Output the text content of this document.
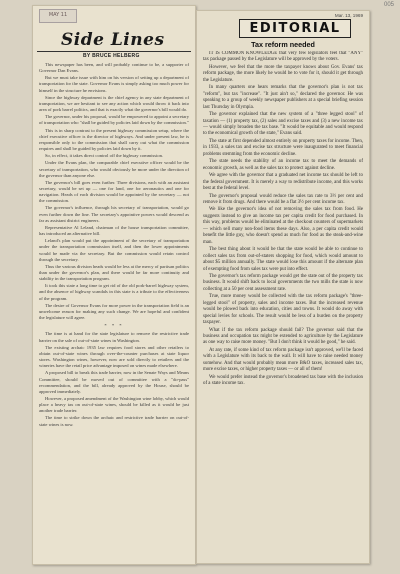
005
MAY 11
Side Lines
BY BRUCE HELBERG

This newspaper has been, and will probably continue to be, a supporter of Governor Dan Evans.

But we must take issue with him on his version of setting up a department of transportation for the state. Governor Evans is simply asking too much power for himself in the structure he envisions.

Since the highway department is the chief agency in any state department of transportation, we are hesitant to see any action which would throw it back into area of pork barrel politics, and that is exactly what the governor's bill would do.

The governor, under his proposal, would be empowered to appoint a secretary of transportation who "shall be guided by policies laid down by the commission."

This is in sharp contrast to the present highway commission setup, where the chief executive officer is the director of highways. And under present law, he is responsible only to the commission that shall carry out what the commission requires and shall be guided by policies laid down by it.

So, in effect, it takes direct control off the highway commission.

Under the Evans plan, the comparable chief executive officer would be the secretary of transportation, who would obviously be more under the direction of the governor than anyone else.

The governor's bill goes even further. Three divisions, each with an assistant secretary, would be set up — one for land, one for aeronautics and one for navigation. Heads of each division would be appointed by the secretary — not the commission.

The governor's influence, through his secretary of transportation, would go even further down the line. The secretary's appointive powers would descend as far as assistant district engineers.

Representative Al Leland, chairman of the house transportation committee, has introduced an alternative bill.

Leland's plan would put the appointment of the secretary of transportation under the transportation commission itself, and then the lower appointments would be made via the secretary. But the commission would retain control through the secretary.

Thus the various division heads would be less at the mercy of partisan politics than under the governor's plan, and there would be far more continuity and stability in the transportation program.

It took this state a long time to get rid of the old pork-barrel highway system, and the absence of highway scandals in this state is a tribute to the effectiveness of the program.

The desire of Governor Evans for more power in the transportation field is an unwelcome reason for making any such change. We are hopeful and confident the legislature will agree.

* * *

The time is at hand for the state legislature to remove the restrictive trade barrier on the sale of out-of-state wines in Washington.

The existing archaic 1935 law requires food stores and other retailers to obtain out-of-state wines through over-the-counter purchases at state liquor stores. Washington wines, however, now are sold directly to retailers and the wineries have the retail price advantage imposed on wines made elsewhere.

A proposed bill to break this trade barrier, now in the Senate Ways and Means Committee, should be moved out of committee with a "do-pass" recommendation, and the bill, already approved by the House, should be approved immediately.

However, a proposed amendment of the Washington wine lobby, which would place a heavy tax on out-of-state wines, should be killed as it would be just another trade barrier.

The time to strike down the archaic and restrictive trade barrier on out-of-state wines is now.

Mar. 13, 1969
EDITORIAL
Tax reform needed

IT IS COMMON KNOWLEDGE that very few legislators feel that "ANY" tax package passed by the Legislature will be approved by the voters.

However, we feel that the more the taxpayer knows about Gov. Evans' tax reform package, the more likely he would be to vote for it, should it get through the Legislature.

In many quarters one hears remarks that the governor's plan is not tax "reform", but tax "increase". "It just ain't so," declared the governor. He was speaking to a group of weekly newspaper publishers at a special briefing session last Thursday in Olympia.

The governor explained that the new system of a "three legged stool" of taxation — (1) property tax, (2) sales and excise taxes and (3) a new income tax — would simply broaden the tax base. "It would be equitable and would respond to the economical growth of the state," Evans said.

The state at first depended almost entirely on property taxes for income. Then, in 1933, a sales tax and excise tax structure were inaugurated to meet financial problems stemming from the economic decline.

The state needs the stability of an income tax to meet the demands of economic growth, as well as the sales tax to protect against decline.

We agree with the governor that a graduated net income tax should be left to the federal government. It is merely a way to redistribute income, and this works best at the federal level.

The governor's proposal would reduce the sales tax rate to 3½ per cent and remove it from drugs. And there would be a flat 3½ per cent income tax.

We like the governor's idea of not removing the sales tax from food. He suggests instead to give an income tax per capita credit for food purchased. In this way, problems would be eliminated at the checkout counters of supermarkets — which sell many non-food items these days. Also, a per capita credit would benefit the little guy, who doesn't spend as much for food as the steak-and-wine man.

The best thing about it would be that the state would be able to continue to collect sales tax from out-of-staters shopping for food, which would amount to about $5 million annually. The state would lose this amount if the alternate plan of exempting food from sales tax were put into effect.

The governor's tax reform package would get the state out of the property tax business. It would shift back to local governments the two mills the state is now collecting at a 50 per cent assessment rate.

True, more money would be collected with the tax reform package's "three-legged stool" of property, sales and income taxes. But the increased revenue would be plowed back into education, cities and towns. It would do away with special levies for schools. The result would be less of a burden on the property taxpayer.

What if the tax reform package should fail? The governor said that the business and occupation tax might be extended to agriculture by the Legislature as one way to raise more money. "But I don't think it would be good," he said.

At any rate, if some kind of tax reform package isn't approved, we'll be faced with a Legislature with its back to the wall. It will have to raise needed money somehow. And that would probably mean more B&O taxes, increased sales tax, more excise taxes, or higher property taxes — or all of them!

We would prefer instead the governor's broadened tax base with the inclusion of a state income tax.
